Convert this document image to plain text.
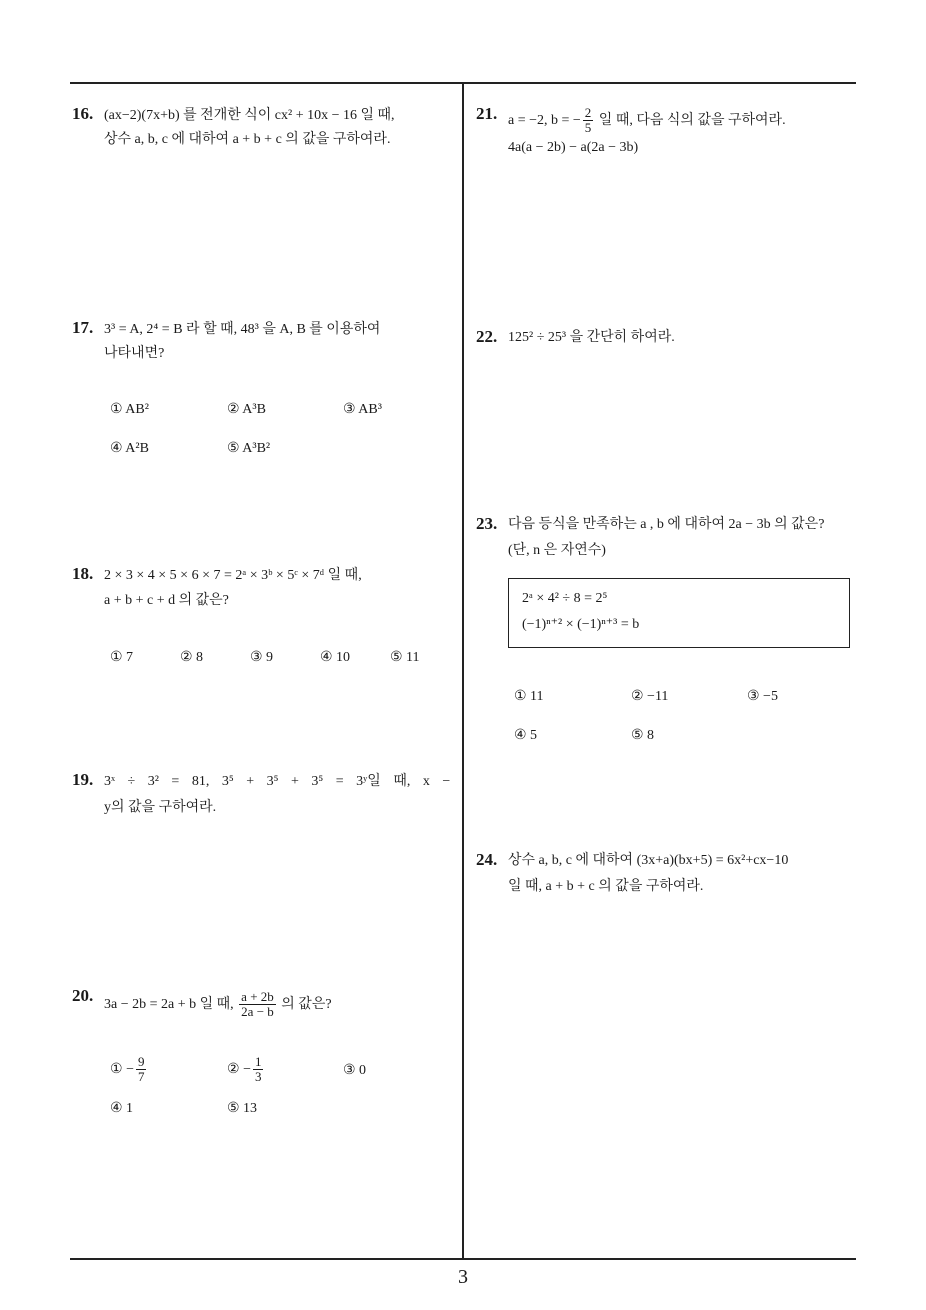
16. (ax−2)(7x+b) 를 전개한 식이 cx² + 10x − 16 일 때,
상수 a, b, c 에 대하여 a + b + c 의 값을 구하여라.
17. 3³ = A, 2⁴ = B 라 할 때, 48³ 을 A, B 를 이용하여
나타내면?
① AB²	② A³B	③ AB³
④ A²B	⑤ A³B²
18. 2 × 3 × 4 × 5 × 6 × 7 = 2ᵃ × 3ᵇ × 5ᶜ × 7ᵈ 일 때,
a + b + c + d 의 값은?
① 7	② 8	③ 9	④ 10	⑤ 11
19. 3ˣ ÷ 3² = 81, 3⁵ + 3⁵ + 3⁵ = 3ʸ일 때, x −
y의 값을 구하여라.
20. 3a − 2b = 2a + b 일 때, $\frac{a + 2b}{2a - b}$ 의 값은?
① − $\frac{9}{7}$	② − $\frac{1}{3}$	③ 0
④ 1	⑤ 13
21. a = −2, b = − $\frac{2}{5}$ 일 때, 다음 식의 값을 구하여라.
4a(a − 2b) − a(2a − 3b)
22. 125² ÷ 25³ 을 간단히 하여라.
23. 다음 등식을 만족하는 a , b 에 대하여 2a − 3b 의 값은?
(단, n 은 자연수)
① 11	② −11	③ −5
④ 5	⑤ 8
2ᵃ × 4² ÷ 8 = 2⁵
(−1)ⁿ⁺² × (−1)ⁿ⁺³ = b
24. 상수 a, b, c 에 대하여 (3x+a)(bx+5) = 6x²+cx−10
일 때, a + b + c 의 값을 구하여라.
3
